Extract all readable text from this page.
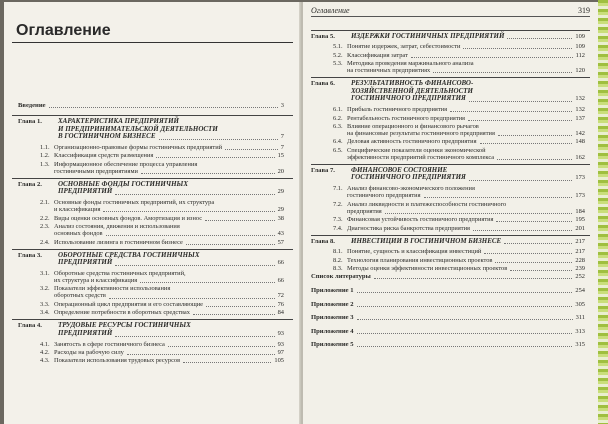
Оглавление
Введение	3
Глава 1. ХАРАКТЕРИСТИКА ПРЕДПРИЯТИЙ
И ПРЕДПРИНИМАТЕЛЬСКОЙ ДЕЯТЕЛЬНОСТИ
В ГОСТИНИЧНОМ БИЗНЕСЕ	7
1.1. Организационно-правовые формы гостиничных предприятий	7
1.2. Классификация средств размещения	15
1.3. Информационное обеспечение процесса управления
гостиничными предприятиями	20
Глава 2. ОСНОВНЫЕ ФОНДЫ ГОСТИНИЧНЫХ
ПРЕДПРИЯТИЙ	29
2.1. Основные фонды гостиничных предприятий, их структура
и классификация	29
2.2. Виды оценки основных фондов. Амортизация и износ	38
2.3. Анализ состояния, движения и использования
основных фондов	43
2.4. Использование лизинга в гостиничном бизнесе	57
Глава 3. ОБОРОТНЫЕ СРЕДСТВА ГОСТИНИЧНЫХ
ПРЕДПРИЯТИЙ	66
3.1. Оборотные средства гостиничных предприятий,
их структура и классификация	66
3.2. Показатели эффективности использования
оборотных средств	72
3.3. Операционный цикл предприятия и его составляющие	76
3.4. Определение потребности в оборотных средствах	84
Глава 4. ТРУДОВЫЕ РЕСУРСЫ ГОСТИНИЧНЫХ
ПРЕДПРИЯТИЙ	93
4.1. Занятость в сфере гостиничного бизнеса	93
4.2. Расходы на рабочую силу	97
4.3. Показатели использования трудовых ресурсов	105
Оглавление	319
Глава 5. ИЗДЕРЖКИ ГОСТИНИЧНЫХ ПРЕДПРИЯТИЙ	109
5.1. Понятие издержек, затрат, себестоимости	109
5.2. Классификация затрат	112
5.3. Методика проведения маржинального анализа
на гостиничных предприятиях	120
Глава 6. РЕЗУЛЬТАТИВНОСТЬ ФИНАНСОВО-
ХОЗЯЙСТВЕННОЙ ДЕЯТЕЛЬНОСТИ
ГОСТИНИЧНОГО ПРЕДПРИЯТИЯ	132
6.1. Прибыль гостиничного предприятия	132
6.2. Рентабельность гостиничного предприятия	137
6.3. Влияние операционного и финансового рычагов
на финансовые результаты гостиничного предприятия	142
6.4. Деловая активность гостиничного предприятия	148
6.5. Специфические показатели оценки экономической
эффективности предприятий гостиничного комплекса	162
Глава 7. ФИНАНСОВОЕ СОСТОЯНИЕ
ГОСТИНИЧНОГО ПРЕДПРИЯТИЯ	173
7.1. Анализ финансово-экономического положения
гостиничного предприятия	173
7.2. Анализ ликвидности и платежеспособности гостиничного
предприятия	184
7.3. Финансовая устойчивость гостиничного предприятия	195
7.4. Диагностика риска банкротства предприятия	201
Глава 8. ИНВЕСТИЦИИ В ГОСТИНИЧНОМ БИЗНЕСЕ	217
8.1. Понятие, сущность и классификация инвестиций	217
8.2. Технология планирования инвестиционных проектов	228
8.3. Методы оценки эффективности инвестиционных проектов	239
Список литературы	252
Приложение 1	254
Приложение 2	305
Приложение 3	311
Приложение 4	313
Приложение 5	315
